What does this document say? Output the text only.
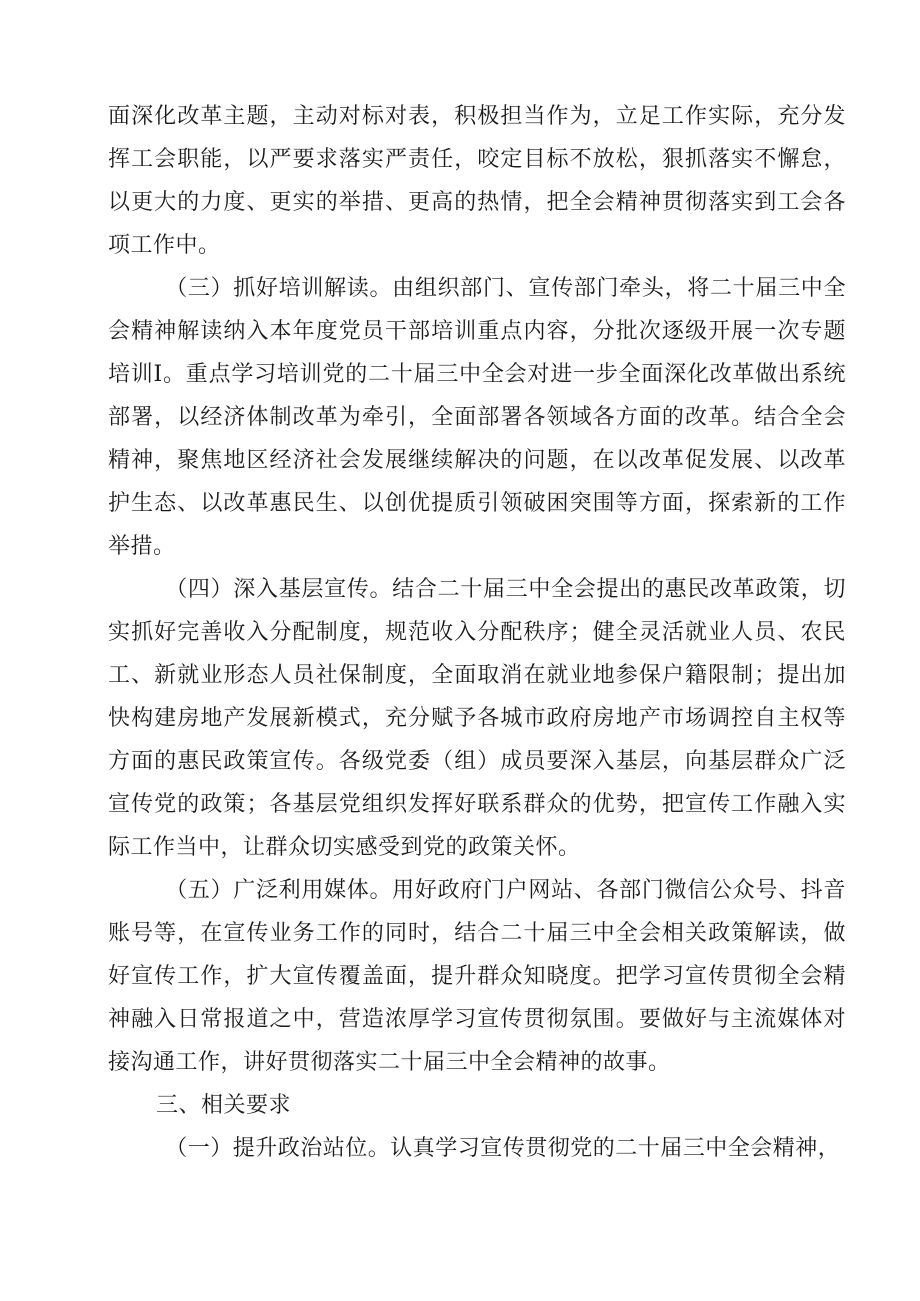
面深化改革主题，主动对标对表，积极担当作为，立足工作实际，充分发挥工会职能，以严要求落实严责任，咬定目标不放松，狠抓落实不懈怠，以更大的力度、更实的举措、更高的热情，把全会精神贯彻落实到工会各项工作中。

（三）抓好培训解读。由组织部门、宣传部门牵头，将二十届三中全会精神解读纳入本年度党员干部培训重点内容，分批次逐级开展一次专题培训I。重点学习培训党的二十届三中全会对进一步全面深化改革做出系统部署，以经济体制改革为牵引，全面部署各领域各方面的改革。结合全会精神，聚焦地区经济社会发展继续解决的问题，在以改革促发展、以改革护生态、以改革惠民生、以创优提质引领破困突围等方面，探索新的工作举措。

（四）深入基层宣传。结合二十届三中全会提出的惠民改革政策，切实抓好完善收入分配制度，规范收入分配秩序；健全灵活就业人员、农民工、新就业形态人员社保制度，全面取消在就业地参保户籍限制；提出加快构建房地产发展新模式，充分赋予各城市政府房地产市场调控自主权等方面的惠民政策宣传。各级党委（组）成员要深入基层，向基层群众广泛宣传党的政策；各基层党组织发挥好联系群众的优势，把宣传工作融入实际工作当中，让群众切实感受到党的政策关怀。

（五）广泛利用媒体。用好政府门户网站、各部门微信公众号、抖音账号等，在宣传业务工作的同时，结合二十届三中全会相关政策解读，做好宣传工作，扩大宣传覆盖面，提升群众知晓度。把学习宣传贯彻全会精神融入日常报道之中，营造浓厚学习宣传贯彻氛围。要做好与主流媒体对接沟通工作，讲好贯彻落实二十届三中全会精神的故事。

三、相关要求

（一）提升政治站位。认真学习宣传贯彻党的二十届三中全会精神，
